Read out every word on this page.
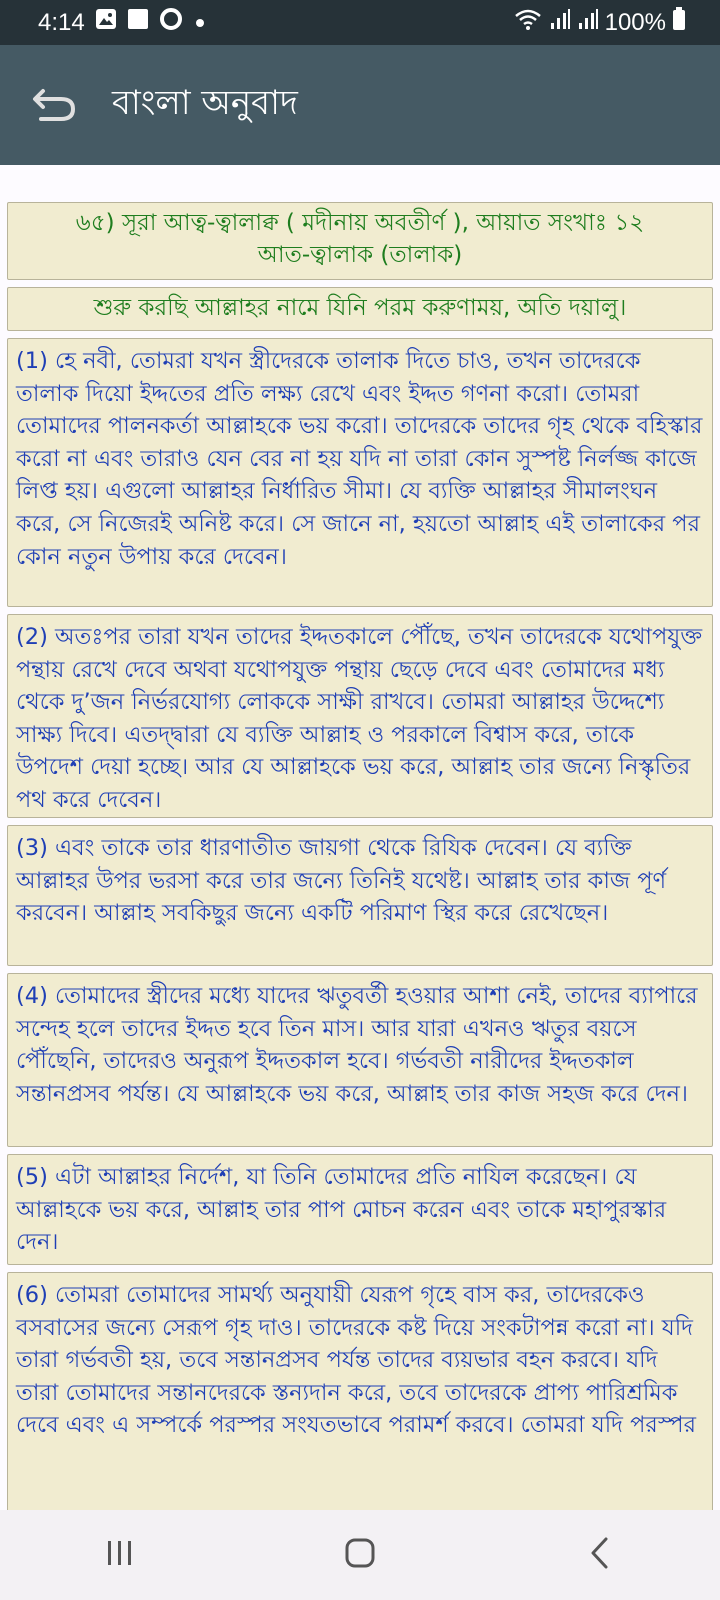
4:14	100%
বাংলা অনুবাদ
৬৫) সূরা আত্ব-ত্বালাক্ব ( মদীনায় অবতীর্ণ ), আয়াত সংখাঃ ১২
আত-ত্বালাক (তালাক)
শুরু করছি আল্লাহর নামে যিনি পরম করুণাময়, অতি দয়ালু।
(1) হে নবী, তোমরা যখন স্ত্রীদেরকে তালাক দিতে চাও, তখন তাদেরকে তালাক দিয়ো ইদ্দতের প্রতি লক্ষ্য রেখে এবং ইদ্দত গণনা করো। তোমরা তোমাদের পালনকর্তা আল্লাহকে ভয় করো। তাদেরকে তাদের গৃহ থেকে বহিস্কার করো না এবং তারাও যেন বের না হয় যদি না তারা কোন সুস্পষ্ট নির্লজ্জ কাজে লিপ্ত হয়। এগুলো আল্লাহর নির্ধারিত সীমা। যে ব্যক্তি আল্লাহর সীমালংঘন করে, সে নিজেরই অনিষ্ট করে। সে জানে না, হয়তো আল্লাহ এই তালাকের পর কোন নতুন উপায় করে দেবেন।
(2) অতঃপর তারা যখন তাদের ইদ্দতকালে পৌঁছে, তখন তাদেরকে যথোপযুক্ত পন্থায় রেখে দেবে অথবা যথোপযুক্ত পন্থায় ছেড়ে দেবে এবং তোমাদের মধ্য থেকে দু’জন নির্ভরযোগ্য লোককে সাক্ষী রাখবে। তোমরা আল্লাহর উদ্দেশ্যে সাক্ষ্য দিবে। এতদ্দ্বারা যে ব্যক্তি আল্লাহ ও পরকালে বিশ্বাস করে, তাকে উপদেশ দেয়া হচ্ছে। আর যে আল্লাহকে ভয় করে, আল্লাহ তার জন্যে নিস্কৃতির পথ করে দেবেন।
(3) এবং তাকে তার ধারণাতীত জায়গা থেকে রিযিক দেবেন। যে ব্যক্তি আল্লাহর উপর ভরসা করে তার জন্যে তিনিই যথেষ্ট। আল্লাহ তার কাজ পূর্ণ করবেন। আল্লাহ সবকিছুর জন্যে একটি পরিমাণ স্থির করে রেখেছেন।
(4) তোমাদের স্ত্রীদের মধ্যে যাদের ঋতুবর্তী হওয়ার আশা নেই, তাদের ব্যাপারে সন্দেহ হলে তাদের ইদ্দত হবে তিন মাস। আর যারা এখনও ঋতুর বয়সে পৌঁছেনি, তাদেরও অনুরূপ ইদ্দতকাল হবে। গর্ভবতী নারীদের ইদ্দতকাল সন্তানপ্রসব পর্যন্ত। যে আল্লাহকে ভয় করে, আল্লাহ তার কাজ সহজ করে দেন।
(5) এটা আল্লাহর নির্দেশ, যা তিনি তোমাদের প্রতি নাযিল করেছেন। যে আল্লাহকে ভয় করে, আল্লাহ তার পাপ মোচন করেন এবং তাকে মহাপুরস্কার দেন।
(6) তোমরা তোমাদের সামর্থ্য অনুযায়ী যেরূপ গৃহে বাস কর, তাদেরকেও বসবাসের জন্যে সেরূপ গৃহ দাও। তাদেরকে কষ্ট দিয়ে সংকটাপন্ন করো না। যদি তারা গর্ভবতী হয়, তবে সন্তানপ্রসব পর্যন্ত তাদের ব্যয়ভার বহন করবে। যদি তারা তোমাদের সন্তানদেরকে স্তন্যদান করে, তবে তাদেরকে প্রাপ্য পারিশ্রমিক দেবে এবং এ সম্পর্কে পরস্পর সংযতভাবে পরামর্শ করবে। তোমরা যদি পরস্পর
